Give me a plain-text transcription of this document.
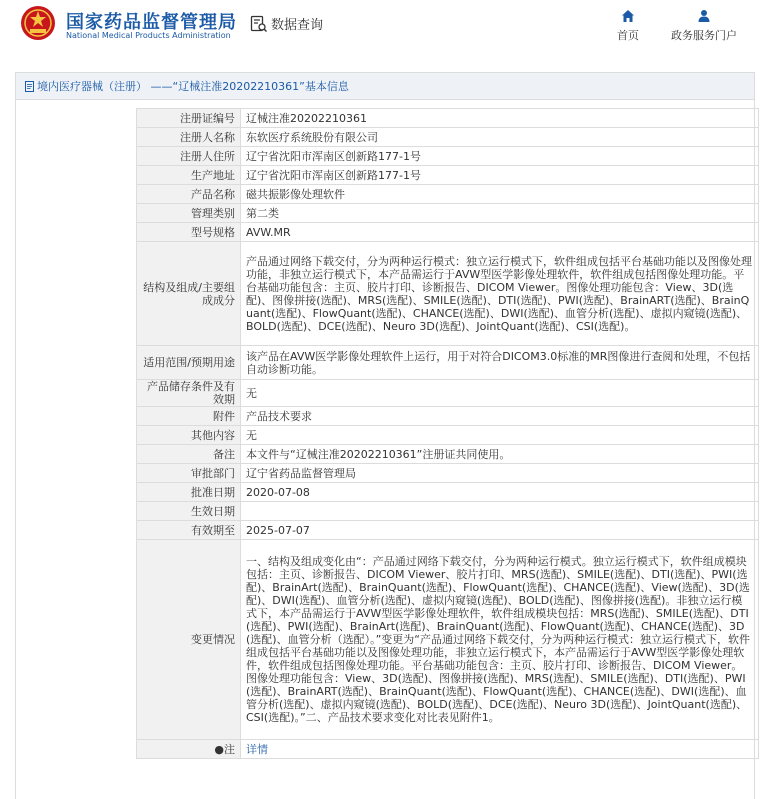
国家药品监督管理局
National Medical Products Administration
数据查询
首页	政务服务门户
境内医疗器械（注册） ——“辽械注准20202210361”基本信息
注册证编号	辽械注准20202210361
注册人名称	东软医疗系统股份有限公司
注册人住所	辽宁省沈阳市浑南区创新路177-1号
生产地址	辽宁省沈阳市浑南区创新路177-1号
产品名称	磁共振影像处理软件
管理类别	第二类
型号规格	AVW.MR
结构及组成/主要组成成分	产品通过网络下载交付，分为两种运行模式：独立运行模式下，软件组成包括平台基础功能以及图像处理功能，非独立运行模式下，本产品需运行于AVW型医学影像处理软件，软件组成包括图像处理功能。平台基础功能包含：主页、胶片打印、诊断报告、DICOM Viewer。图像处理功能包含：View、3D(选配)、图像拼接(选配)、MRS(选配)、SMILE(选配)、DTI(选配)、PWI(选配)、BrainART(选配)、BrainQuant(选配)、FlowQuant(选配)、CHANCE(选配)、DWI(选配)、血管分析(选配)、虚拟内窥镜(选配)、BOLD(选配)、DCE(选配)、Neuro 3D(选配)、JointQuant(选配)、CSI(选配)。
适用范围/预期用途	该产品在AVW医学影像处理软件上运行，用于对符合DICOM3.0标准的MR图像进行查阅和处理，不包括自动诊断功能。
产品储存条件及有效期	无
附件	产品技术要求
其他内容	无
备注	本文件与“辽械注准20202210361”注册证共同使用。
审批部门	辽宁省药品监督管理局
批准日期	2020-07-08
生效日期	
有效期至	2025-07-07
变更情况	一、结构及组成变化由“：产品通过网络下载交付，分为两种运行模式。独立运行模式下，软件组成模块包括：主页、诊断报告、DICOM Viewer、胶片打印、MRS(选配)、SMILE(选配)、DTI(选配)、PWI(选配)、BrainArt(选配)、BrainQuant(选配)、FlowQuant(选配)、CHANCE(选配)、View(选配)、3D(选配)、DWI(选配)、血管分析(选配)、虚拟内窥镜(选配)、BOLD(选配)、图像拼接(选配)。非独立运行模式下，本产品需运行于AVW型医学影像处理软件，软件组成模块包括：MRS(选配)、SMILE(选配)、DTI(选配)、PWI(选配)、BrainArt(选配)、BrainQuant(选配)、FlowQuant(选配)、CHANCE(选配)、3D(选配)、血管分析（选配）。”变更为“产品通过网络下载交付，分为两种运行模式：独立运行模式下，软件组成包括平台基础功能以及图像处理功能，非独立运行模式下，本产品需运行于AVW型医学影像处理软件，软件组成包括图像处理功能。平台基础功能包含：主页、胶片打印、诊断报告、DICOM Viewer。图像处理功能包含：View、3D(选配)、图像拼接(选配)、MRS(选配)、SMILE(选配)、DTI(选配)、PWI(选配)、BrainART(选配)、BrainQuant(选配)、FlowQuant(选配)、CHANCE(选配)、DWI(选配)、血管分析(选配)、虚拟内窥镜(选配)、BOLD(选配)、DCE(选配)、Neuro 3D(选配)、JointQuant(选配)、CSI(选配)。”二、产品技术要求变化对比表见附件1。
●注	详情
